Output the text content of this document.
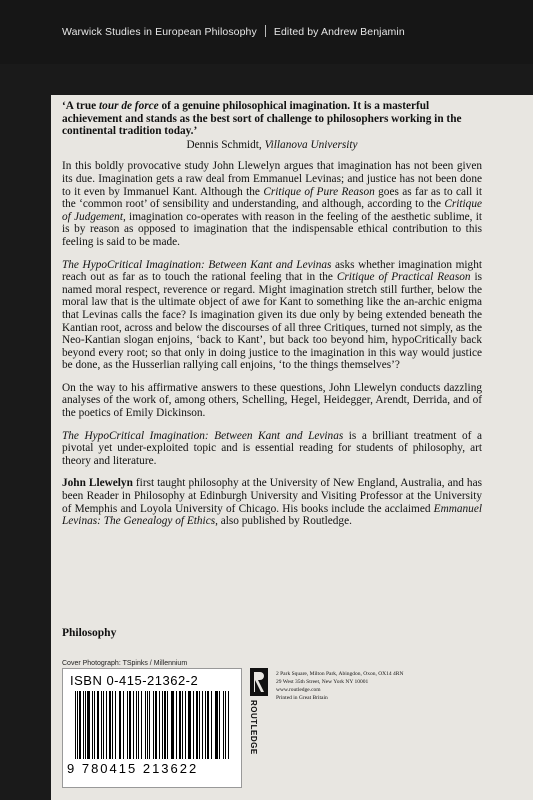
Warwick Studies in European Philosophy Edited by Andrew Benjamin

‘A true tour de force of a genuine philosophical imagination. It is a masterful achievement and stands as the best sort of challenge to philosophers working in the continental tradition today.’

Dennis Schmidt, Villanova University

In this boldly provocative study John Llewelyn argues that imagination has not been given its due. Imagination gets a raw deal from Emmanuel Levinas; and justice has not been done to it even by Immanuel Kant. Although the Critique of Pure Reason goes as far as to call it the ‘common root’ of sensibility and understanding, and although, according to the Critique of Judgement, imagination co-operates with reason in the feeling of the aesthetic sublime, it is by reason as opposed to imagination that the indispensable ethical contribution to this feeling is said to be made.

The HypoCritical Imagination: Between Kant and Levinas asks whether imagination might reach out as far as to touch the rational feeling that in the Critique of Practical Reason is named moral respect, reverence or regard. Might imagination stretch still further, below the moral law that is the ultimate object of awe for Kant to something like the an-archic enigma that Levinas calls the face? Is imagination given its due only by being extended beneath the Kantian root, across and below the discourses of all three Critiques, turned not simply, as the Neo-Kantian slogan enjoins, ‘back to Kant’, but back too beyond him, hypoCritically back beyond every root; so that only in doing justice to the imagination in this way would justice be done, as the Husserlian rallying call enjoins, ‘to the things themselves’?

On the way to his affirmative answers to these questions, John Llewelyn conducts dazzling analyses of the work of, among others, Schelling, Hegel, Heidegger, Arendt, Derrida, and of the poetics of Emily Dickinson.

The HypoCritical Imagination: Between Kant and Levinas is a brilliant treatment of a pivotal yet under-exploited topic and is essential reading for students of philosophy, art theory and literature.

John Llewelyn first taught philosophy at the University of New England, Australia, and has been Reader in Philosophy at Edinburgh University and Visiting Professor at the University of Memphis and Loyola University of Chicago. His books include the acclaimed Emmanuel Levinas: The Genealogy of Ethics, also published by Routledge.

Philosophy
Cover Photograph: TSpinks / Millennium
ISBN 0-415-21362-2
9 780415 213622
ROUTLEDGE
2 Park Square, Milton Park, Abingdon, Oxon, OX14 4RN
29 West 35th Street, New York NY 10001
www.routledge.com
Printed in Great Britain
